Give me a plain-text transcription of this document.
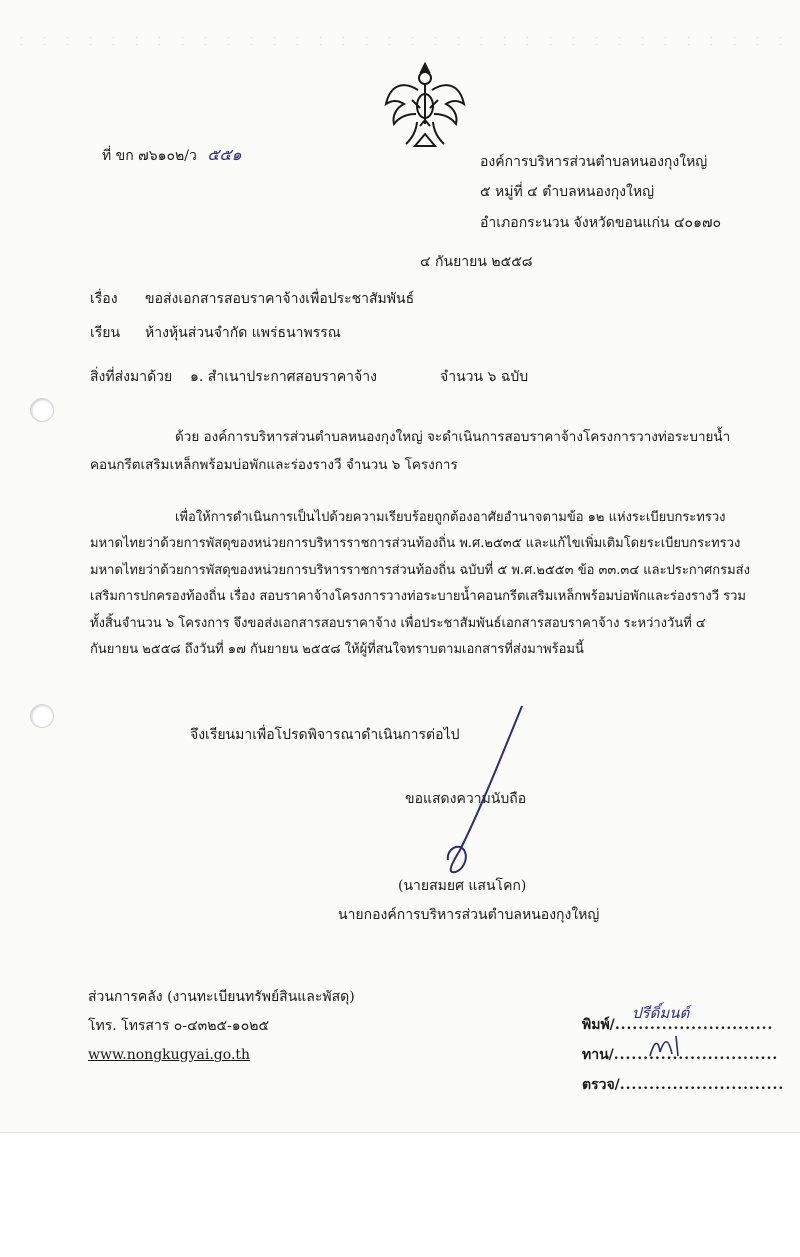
ที่ ขก ๗๖๑๐๒/ว ๕๕๑	องค์การบริหารส่วนตำบลหนองกุงใหญ่
๕ หมู่ที่ ๔ ตำบลหนองกุงใหญ่
อำเภอกระนวน จังหวัดขอนแก่น ๔๐๑๗๐
๔ กันยายน ๒๕๕๘
เรื่อง ขอส่งเอกสารสอบราคาจ้างเพื่อประชาสัมพันธ์
เรียน ห้างหุ้นส่วนจำกัด แพร่ธนาพรรณ
สิ่งที่ส่งมาด้วย ๑. สำเนาประกาศสอบราคาจ้าง	จำนวน ๖ ฉบับ
ด้วย องค์การบริหารส่วนตำบลหนองกุงใหญ่ จะดำเนินการสอบราคาจ้างโครงการวางท่อระบายน้ำคอนกรีตเสริมเหล็กพร้อมบ่อพักและร่องรางวี จำนวน ๖ โครงการ
เพื่อให้การดำเนินการเป็นไปด้วยความเรียบร้อยถูกต้องอาศัยอำนาจตามข้อ ๑๒ แห่งระเบียบกระทรวงมหาดไทยว่าด้วยการพัสดุของหน่วยการบริหารราชการส่วนท้องถิ่น พ.ศ.๒๕๓๕ และแก้ไขเพิ่มเติมโดยระเบียบกระทรวงมหาดไทยว่าด้วยการพัสดุของหน่วยการบริหารราชการส่วนท้องถิ่น ฉบับที่ ๕ พ.ศ.๒๕๕๓ ข้อ ๓๓.๓๔ และประกาศกรมส่งเสริมการปกครองท้องถิ่น เรื่อง สอบราคาจ้างโครงการวางท่อระบายน้ำคอนกรีตเสริมเหล็กพร้อมบ่อพักและร่องรางวี รวมทั้งสิ้นจำนวน ๖ โครงการ จึงขอส่งเอกสารสอบราคาจ้าง เพื่อประชาสัมพันธ์เอกสารสอบราคาจ้าง ระหว่างวันที่ ๔ กันยายน ๒๕๕๘ ถึงวันที่ ๑๗ กันยายน ๒๕๕๘ ให้ผู้ที่สนใจทราบตามเอกสารที่ส่งมาพร้อมนี้
จึงเรียนมาเพื่อโปรดพิจารณาดำเนินการต่อไป
ขอแสดงความนับถือ
(นายสมยศ แสนโคก)
นายกองค์การบริหารส่วนตำบลหนองกุงใหญ่
ส่วนการคลัง (งานทะเบียนทรัพย์สินและพัสดุ)
โทร. โทรสาร ๐-๔๓๒๕-๑๐๒๕
www.nongkugyai.go.th
พิมพ์/...........................
ปรีดิ์มนต์
ทาน/............................
ตรวจ/............................
